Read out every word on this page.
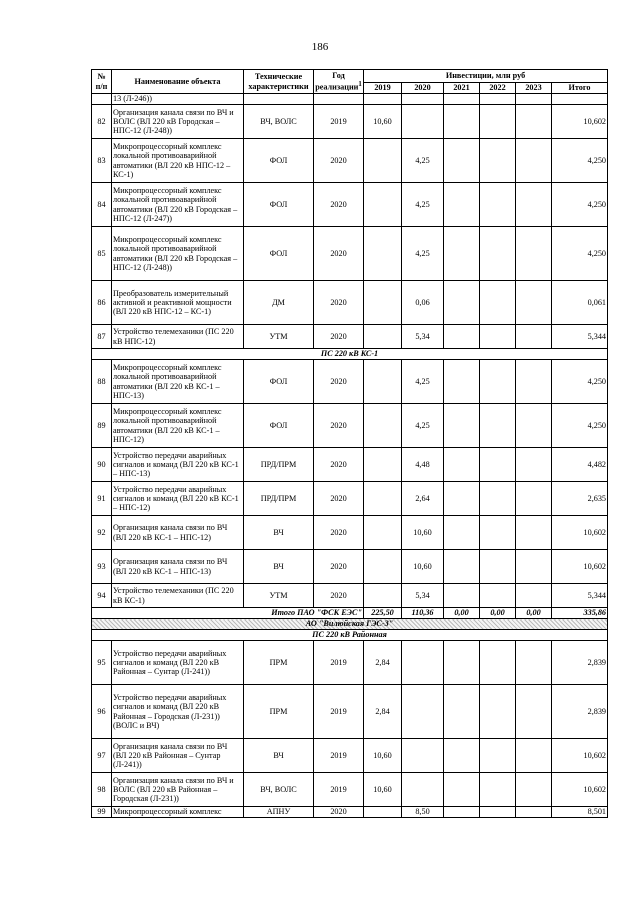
186
№ п/п	Наименование объекта	Технические характеристики	Год реализации$^1$	Инвестиции, млн руб					
				2019	2020	2021	2022	2023	Итого
	13 (Л-246))								
82	Организация канала связи по ВЧ и ВОЛС (ВЛ 220 кВ Городская – НПС-12 (Л-248))	ВЧ, ВОЛС	2019	10,60					10,602
83	Микропроцессорный комплекс локальной противоаварийной автоматики (ВЛ 220 кВ НПС-12 – КС-1)	ФОЛ	2020		4,25				4,250
84	Микропроцессорный комплекс локальной противоаварийной автоматики (ВЛ 220 кВ Городская – НПС-12 (Л-247))	ФОЛ	2020		4,25				4,250
85	Микропроцессорный комплекс локальной противоаварийной автоматики (ВЛ 220 кВ Городская – НПС-12 (Л-248))	ФОЛ	2020		4,25				4,250
86	Преобразователь измерительный активной и реактивной мощности (ВЛ 220 кВ НПС-12 – КС-1)	ДМ	2020		0,06				0,061
87	Устройство телемеханики (ПС 220 кВ НПС-12)	УТМ	2020		5,34				5,344
ПС 220 кВ КС-1									
88	Микропроцессорный комплекс локальной противоаварийной автоматики (ВЛ 220 кВ КС-1 – НПС-13)	ФОЛ	2020		4,25				4,250
89	Микропроцессорный комплекс локальной противоаварийной автоматики (ВЛ 220 кВ КС-1 – НПС-12)	ФОЛ	2020		4,25				4,250
90	Устройство передачи аварийных сигналов и команд (ВЛ 220 кВ КС-1 – НПС-13)	ПРД/ПРМ	2020		4,48				4,482
91	Устройство передачи аварийных сигналов и команд (ВЛ 220 кВ КС-1 – НПС-12)	ПРД/ПРМ	2020		2,64				2,635
92	Организация канала связи по ВЧ (ВЛ 220 кВ КС-1 – НПС-12)	ВЧ	2020		10,60				10,602
93	Организация канала связи по ВЧ (ВЛ 220 кВ КС-1 – НПС-13)	ВЧ	2020		10,60				10,602
94	Устройство телемеханики (ПС 220 кВ КС-1)	УТМ	2020		5,34				5,344
Итого ПАО "ФСК ЕЭС"				225,50	110,36	0,00	0,00	0,00	335,86
АО "Вилюйская ГЭС-3"									
ПС 220 кВ Районная									
95	Устройство передачи аварийных сигналов и команд (ВЛ 220 кВ Районная – Сунтар (Л-241))	ПРМ	2019	2,84					2,839
96	Устройство передачи аварийных сигналов и команд (ВЛ 220 кВ Районная – Городская (Л-231)) (ВОЛС и ВЧ)	ПРМ	2019	2,84					2,839
97	Организация канала связи по ВЧ (ВЛ 220 кВ Районная – Сунтар (Л-241))	ВЧ	2019	10,60					10,602
98	Организация канала связи по ВЧ и ВОЛС (ВЛ 220 кВ Районная – Городская (Л-231))	ВЧ, ВОЛС	2019	10,60					10,602
99	Микропроцессорный комплекс	АПНУ	2020		8,50				8,501
